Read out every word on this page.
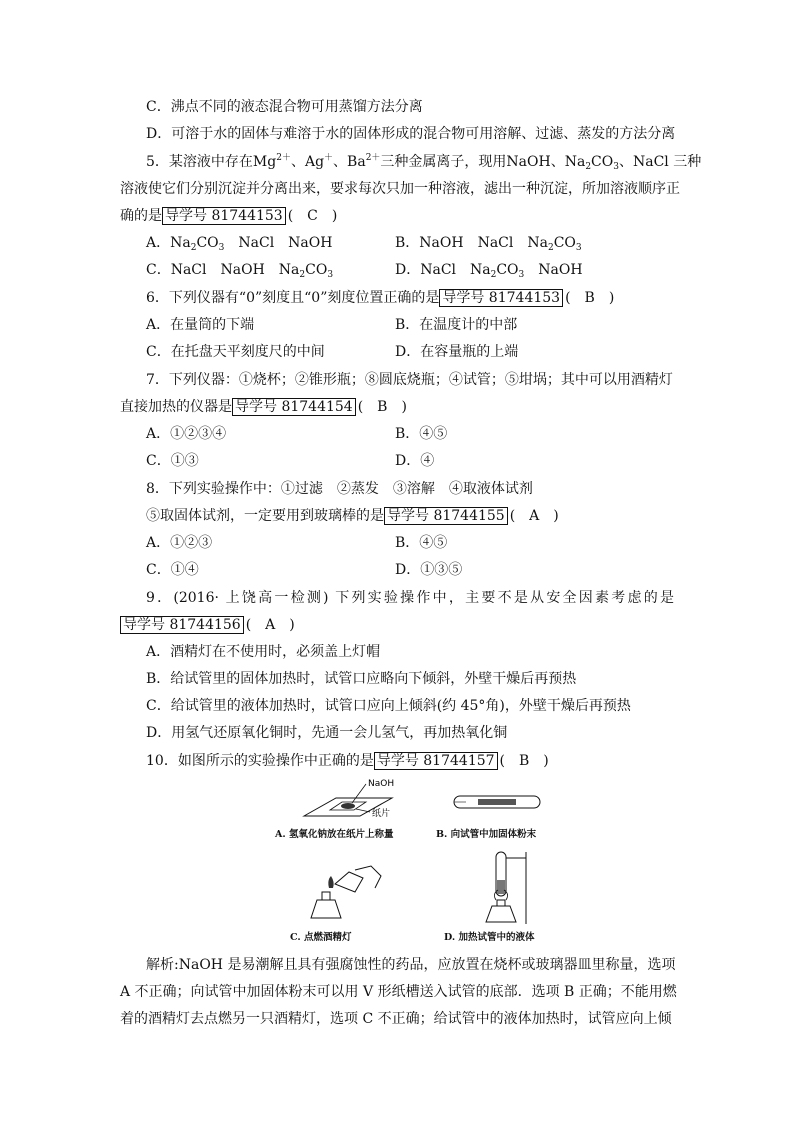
C．沸点不同的液态混合物可用蒸馏方法分离
D．可溶于水的固体与难溶于水的固体形成的混合物可用溶解、过滤、蒸发的方法分离
5．某溶液中存在$Mg^{2+}$、Ag＋、$Ba^{2+}$三种金属离子，现用NaOH、$Na_2CO_3$、NaCl 三种
溶液使它们分别沉淀并分离出来，要求每次只加一种溶液，滤出一种沉淀，所加溶液顺序正
确的是 导学号 81744153 (　C　)
A．$Na_2CO_3$　 NaCl　NaOH	B．NaOH　NaCl　$Na_2CO_3$
C．NaCl　NaOH　$Na_2CO_3$	D．NaCl　$Na_2CO_3$　 NaOH
6．下列仪器有“0”刻度且“0”刻度位置正确的是 导学号 81744153 (　B　)
A．在量筒的下端	B．在温度计的中部
C．在托盘天平刻度尺的中间	D．在容量瓶的上端
7．下列仪器：①烧杯；②锥形瓶；⑧圆底烧瓶；④试管；⑤坩埚；其中可以用酒精灯
直接加热的仪器是 导学号 81744154 (　B　)
A．①②③④	B．④⑤
C．①③	D．④
8．下列实验操作中：①过滤　②蒸发　③溶解　④取液体试剂
⑤取固体试剂，一定要用到玻璃棒的是 导学号 81744155 (　A　)
A．①②③	B．④⑤
C．①④	D．①③⑤
9．(2016· 上饶高一检测) 下列实验操作中，主要不是从安全因素考虑的是
导学号 81744156 (　A　)
A．酒精灯在不使用时，必须盖上灯帽
B．给试管里的固体加热时，试管口应略向下倾斜，外壁干燥后再预热
C．给试管里的液体加热时，试管口应向上倾斜(约 45°角)，外壁干燥后再预热
D．用氢气还原氧化铜时，先通一会儿氢气，再加热氧化铜
10．如图所示的实验操作中正确的是 导学号 81744157 (　B　)
NaOH
纸片
A. 氢氧化钠放在纸片上称量	B. 向试管中加固体粉末
C. 点燃酒精灯	D. 加热试管中的液体
解析:NaOH 是易潮解且具有强腐蚀性的药品，应放置在烧杯或玻璃器皿里称量，选项
A 不正确；向试管中加固体粉末可以用 V 形纸槽送入试管的底部．选项 B 正确；不能用燃
着的酒精灯去点燃另一只酒精灯，选项 C 不正确；给试管中的液体加热时，试管应向上倾
